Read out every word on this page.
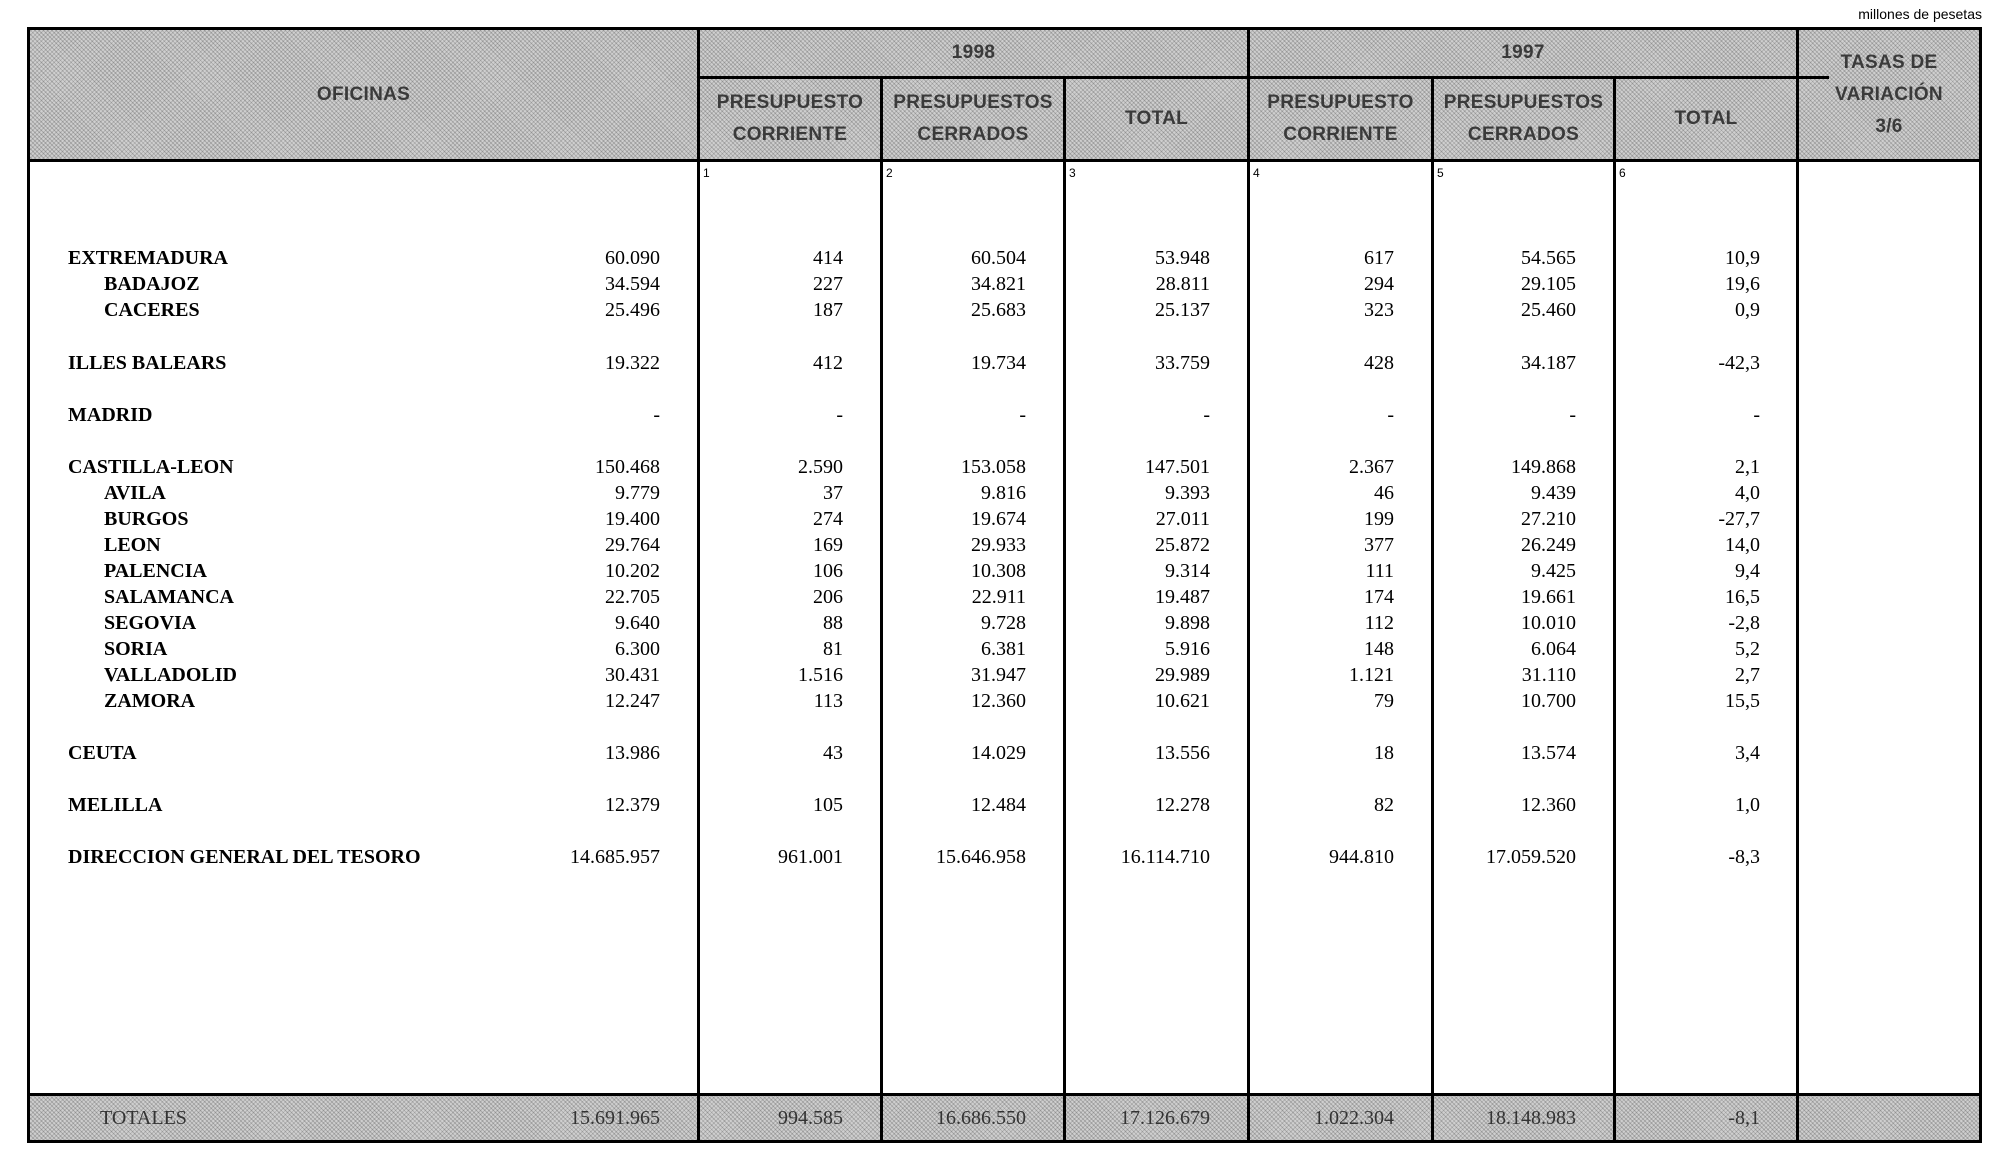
millones de pesetas
OFICINAS
1998	1997
PRESUPUESTO
CORRIENTE
PRESUPUESTOS
CERRADOS
TOTAL
PRESUPUESTO
CORRIENTE
PRESUPUESTOS
CERRADOS
TOTAL
TASAS DE
VARIACIÓN
3/6
1	2	3	4	5	6
EXTREMADURA	60.090	414	60.504	53.948	617	54.565	10,9
BADAJOZ	34.594	227	34.821	28.811	294	29.105	19,6
CACERES	25.496	187	25.683	25.137	323	25.460	0,9
ILLES BALEARS	19.322	412	19.734	33.759	428	34.187	-42,3
MADRID	-	-	-	-	-	-	-
CASTILLA-LEON	150.468	2.590	153.058	147.501	2.367	149.868	2,1
AVILA	9.779	37	9.816	9.393	46	9.439	4,0
BURGOS	19.400	274	19.674	27.011	199	27.210	-27,7
LEON	29.764	169	29.933	25.872	377	26.249	14,0
PALENCIA	10.202	106	10.308	9.314	111	9.425	9,4
SALAMANCA	22.705	206	22.911	19.487	174	19.661	16,5
SEGOVIA	9.640	88	9.728	9.898	112	10.010	-2,8
SORIA	6.300	81	6.381	5.916	148	6.064	5,2
VALLADOLID	30.431	1.516	31.947	29.989	1.121	31.110	2,7
ZAMORA	12.247	113	12.360	10.621	79	10.700	15,5
CEUTA	13.986	43	14.029	13.556	18	13.574	3,4
MELILLA	12.379	105	12.484	12.278	82	12.360	1,0
DIRECCION GENERAL DEL TESORO	14.685.957	961.001	15.646.958	16.114.710	944.810	17.059.520	-8,3
TOTALES	15.691.965	994.585	16.686.550	17.126.679	1.022.304	18.148.983	-8,1
